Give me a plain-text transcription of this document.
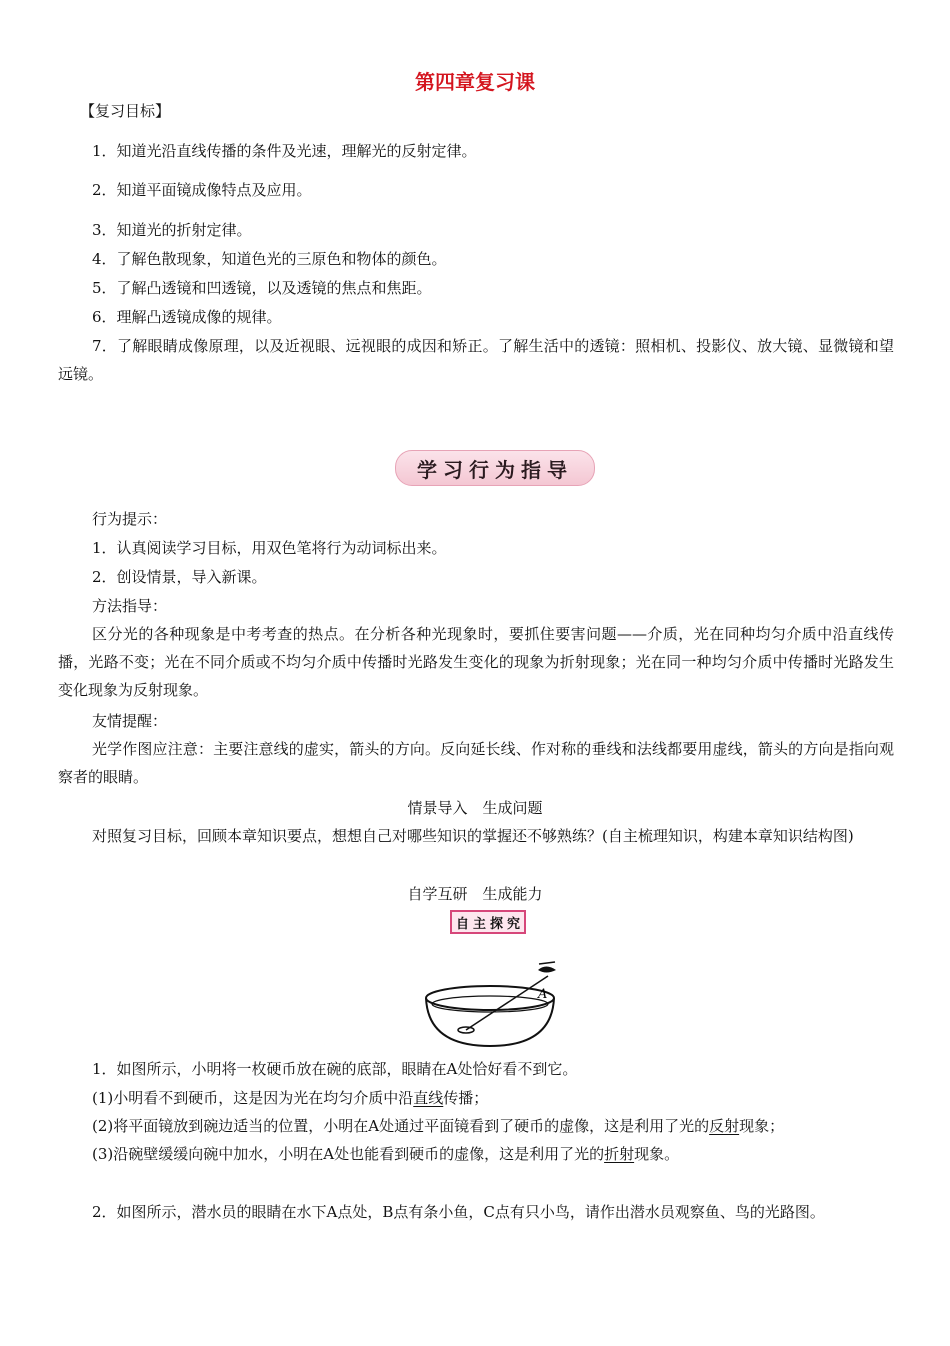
第四章复习课
【复习目标】
1．知道光沿直线传播的条件及光速，理解光的反射定律。
2．知道平面镜成像特点及应用。
3．知道光的折射定律。
4．了解色散现象，知道色光的三原色和物体的颜色。
5．了解凸透镜和凹透镜，以及透镜的焦点和焦距。
6．理解凸透镜成像的规律。
7．了解眼睛成像原理，以及近视眼、远视眼的成因和矫正。了解生活中的透镜：照相机、投影仪、放大镜、显微镜和望远镜。
学习行为指导
行为提示：
1．认真阅读学习目标，用双色笔将行为动词标出来。
2．创设情景，导入新课。
方法指导：
区分光的各种现象是中考考查的热点。在分析各种光现象时，要抓住要害问题——介质，光在同种均匀介质中沿直线传播，光路不变；光在不同介质或不均匀介质中传播时光路发生变化的现象为折射现象；光在同一种均匀介质中传播时光路发生变化现象为反射现象。
友情提醒：
光学作图应注意：主要注意线的虚实，箭头的方向。反向延长线、作对称的垂线和法线都要用虚线，箭头的方向是指向观察者的眼睛。
情景导入　生成问题
对照复习目标，回顾本章知识要点，想想自己对哪些知识的掌握还不够熟练？(自主梳理知识，构建本章知识结构图)
自学互研　生成能力
自 主 探 究
A
1．如图所示，小明将一枚硬币放在碗的底部，眼睛在A处恰好看不到它。
(1)小明看不到硬币，这是因为光在均匀介质中沿直线传播；
(2)将平面镜放到碗边适当的位置，小明在A处通过平面镜看到了硬币的虚像，这是利用了光的反射现象；
(3)沿碗壁缓缓向碗中加水，小明在A处也能看到硬币的虚像，这是利用了光的折射现象。
2．如图所示，潜水员的眼睛在水下A点处，B点有条小鱼，C点有只小鸟，请作出潜水员观察鱼、鸟的光路图。
